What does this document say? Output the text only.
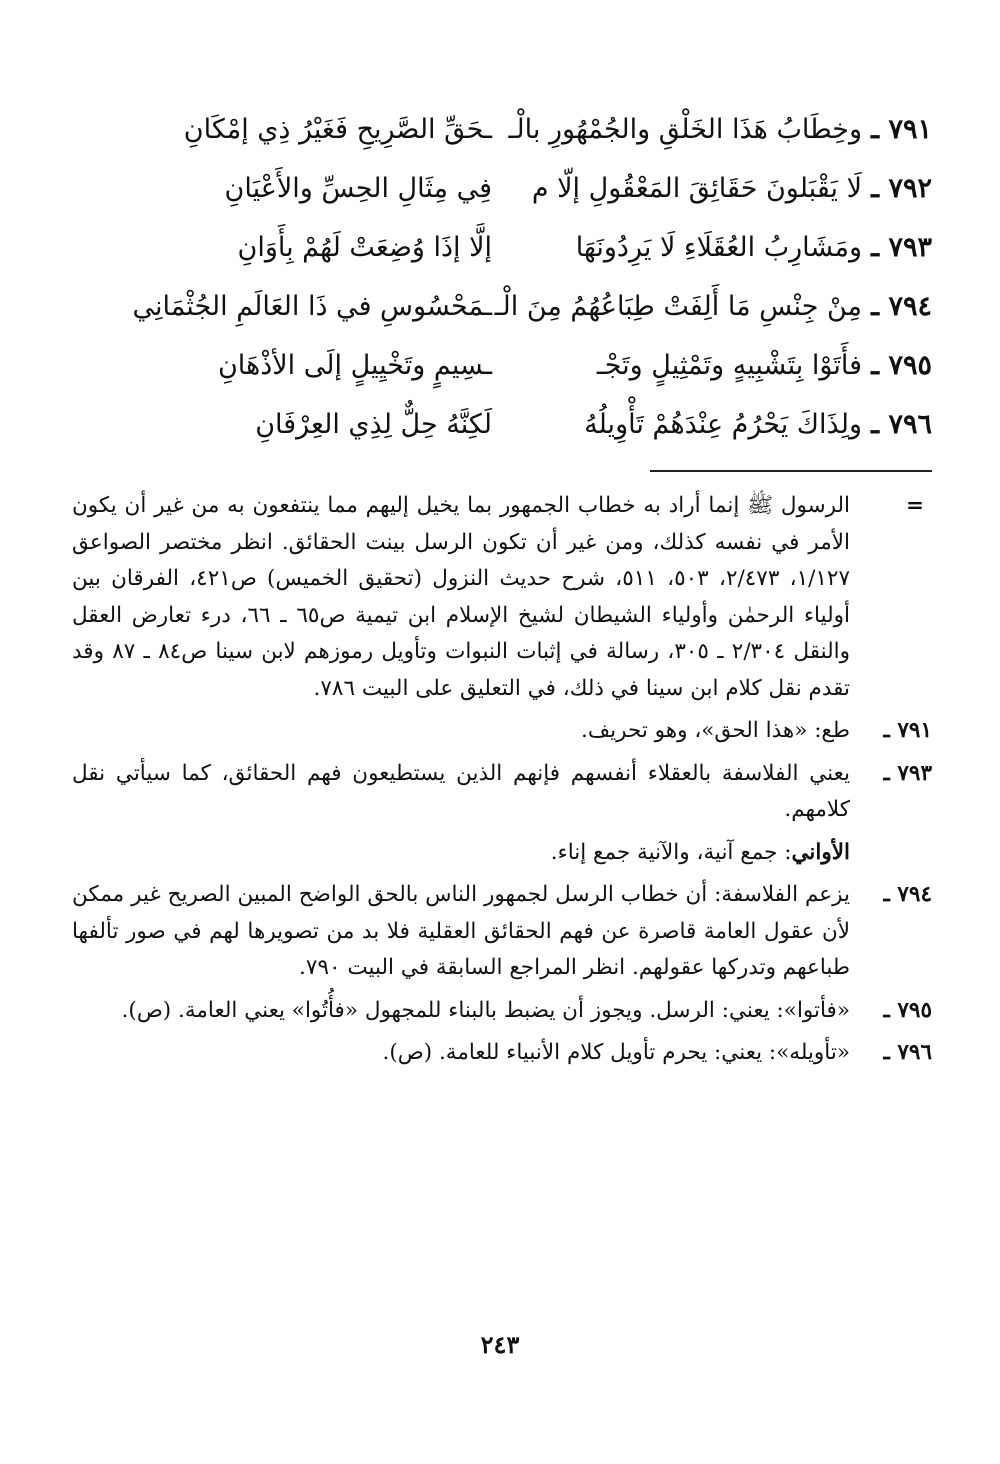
٧٩١ ـ
وخِطَابُ هَذَا الخَلْقِ والجُمْهُورِ بالْـ
ـحَقِّ الصَّرِيحِ فَغَيْرُ ذِي إمْكَانِ
٧٩٢ ـ
لَا يَقْبَلونَ حَقَائِقَ المَعْقُولِ إلّا م
فِي مِثَالِ الحِسِّ والأَعْيَانِ
٧٩٣ ـ
ومَشَارِبُ العُقَلَاءِ لَا يَرِدُونَهَا
إلَّا إذَا وُضِعَتْ لَهُمْ بِأَوَانِ
٧٩٤ ـ
مِنْ جِنْسِ مَا أَلِفَتْ طِبَاعُهُمُ مِنَ الْـ
ـمَحْسُوسِ في ذَا العَالَمِ الجُثْمَانِي
٧٩٥ ـ
فأَتَوْا بِتَشْبِيهٍ وتَمْثِيلٍ وتَجْـ
ـسِيمٍ وتَخْيِيلٍ إلَى الأذْهَانِ
٧٩٦ ـ
ولِذَاكَ يَحْرُمُ عِنْدَهُمْ تَأْوِيلُهُ
لَكِنَّهُ حِلٌّ لِذِي العِرْفَانِ
=

الرسول ﷺ إنما أراد به خطاب الجمهور بما يخيل إليهم مما ينتفعون به من غير أن يكون الأمر في نفسه كذلك، ومن غير أن تكون الرسل بينت الحقائق. انظر مختصر الصواعق ١/١٢٧، ٢/٤٧٣، ٥٠٣، ٥١١، شرح حديث النزول (تحقيق الخميس) ص٤٢١، الفرقان بين أولياء الرحمٰن وأولياء الشيطان لشيخ الإسلام ابن تيمية ص٦٥ ـ ٦٦، درء تعارض العقل والنقل ٢/٣٠٤ ـ ٣٠٥، رسالة في إثبات النبوات وتأويل رموزهم لابن سينا ص٨٤ ـ ٨٧ وقد تقدم نقل كلام ابن سينا في ذلك، في التعليق على البيت ٧٨٦.

٧٩١ ـ

طع: «هذا الحق»، وهو تحريف.

٧٩٣ ـ

يعني الفلاسفة بالعقلاء أنفسهم فإنهم الذين يستطيعون فهم الحقائق، كما سيأتي نقل كلامهم.

الأواني: جمع آنية، والآنية جمع إناء.

٧٩٤ ـ

يزعم الفلاسفة: أن خطاب الرسل لجمهور الناس بالحق الواضح المبين الصريح غير ممكن لأن عقول العامة قاصرة عن فهم الحقائق العقلية فلا بد من تصويرها لهم في صور تألفها طباعهم وتدركها عقولهم. انظر المراجع السابقة في البيت ٧٩٠.

٧٩٥ ـ

«فأتوا»: يعني: الرسل. ويجوز أن يضبط بالبناء للمجهول «فأُتُوا» يعني العامة. (ص).

٧٩٦ ـ

«تأويله»: يعني: يحرم تأويل كلام الأنبياء للعامة. (ص).

٢٤٣
